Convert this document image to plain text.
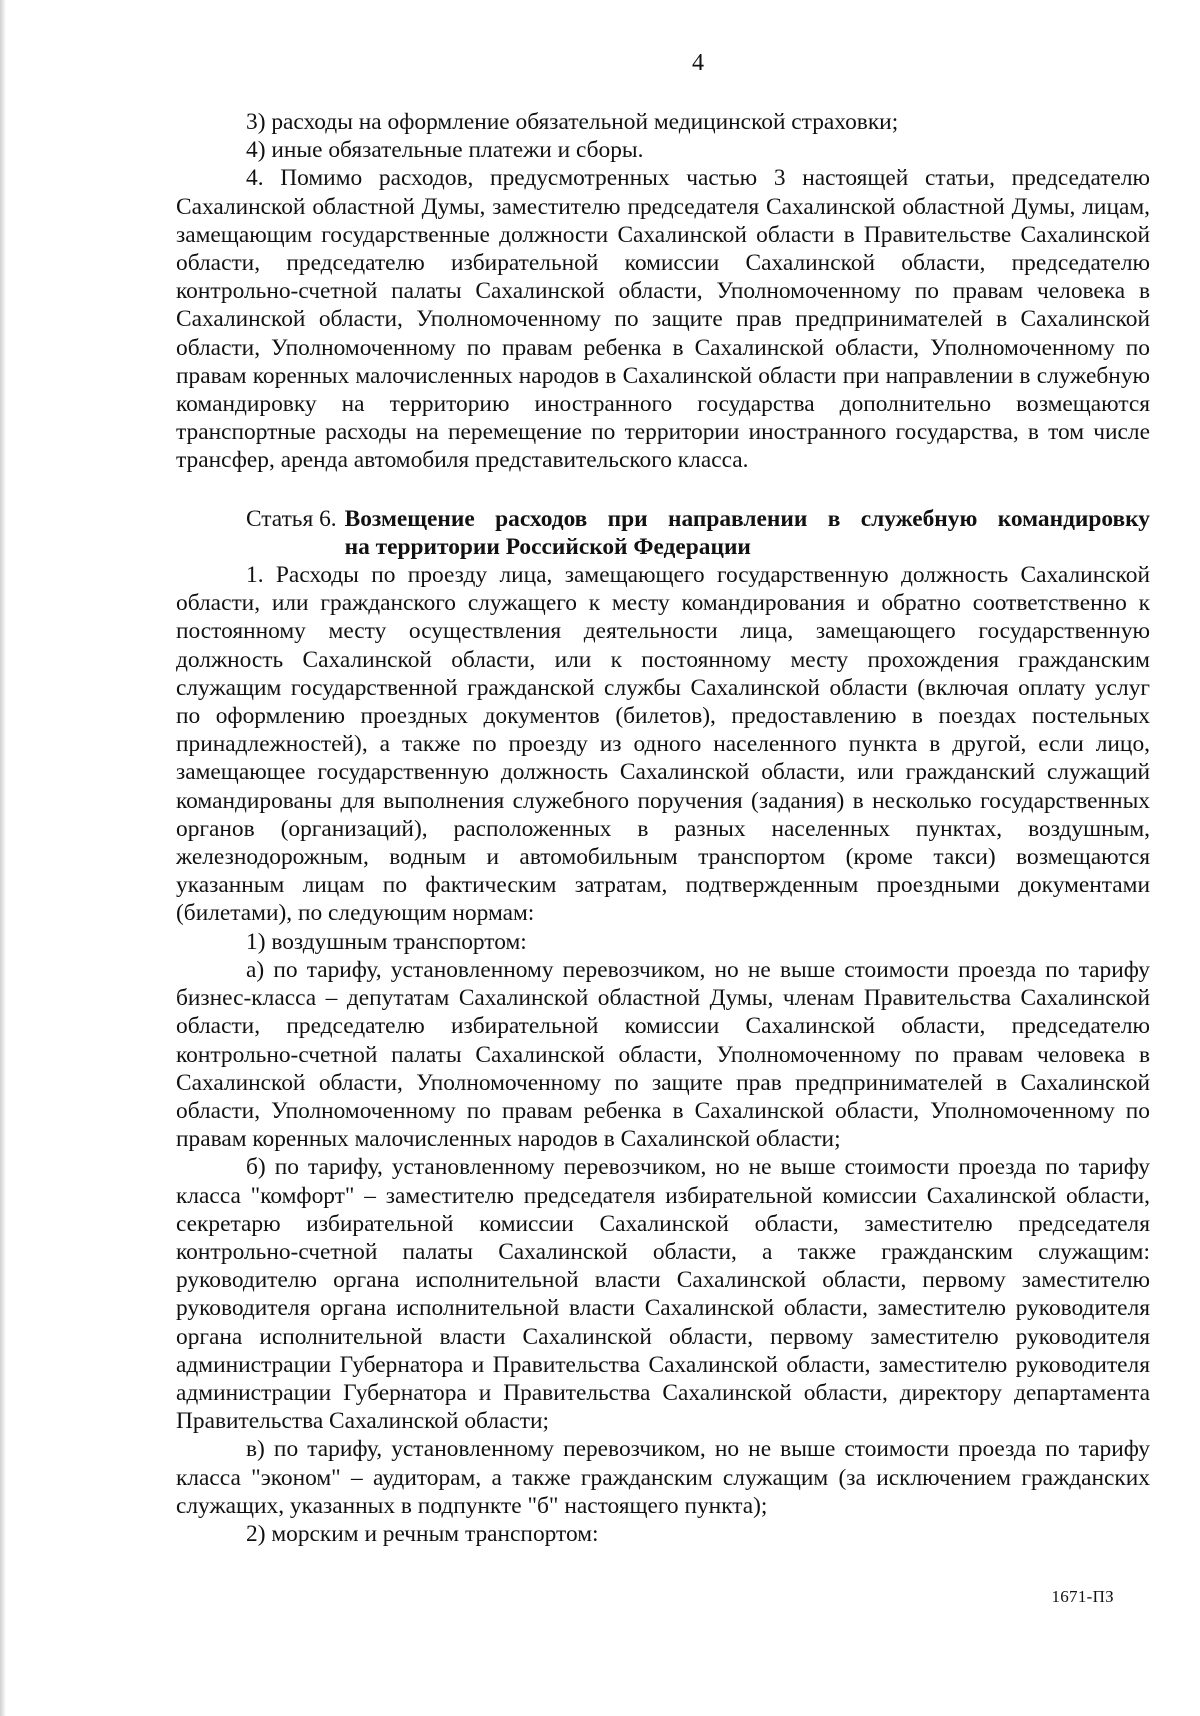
4

3) расходы на оформление обязательной медицинской страховки;

4) иные обязательные платежи и сборы.

4. Помимо расходов, предусмотренных частью 3 настоящей статьи, председателю Сахалинской областной Думы, заместителю председателя Сахалинской областной Думы, лицам, замещающим государственные должности Сахалинской области в Правительстве Сахалинской области, председателю избирательной комиссии Сахалинской области, председателю контрольно-счетной палаты Сахалинской области, Уполномоченному по правам человека в Сахалинской области, Уполномоченному по защите прав предпринимателей в Сахалинской области, Уполномоченному по правам ребенка в Сахалинской области, Уполномоченному по правам коренных малочисленных народов в Сахалинской области при направлении в служебную командировку на территорию иностранного государства дополнительно возмещаются транспортные расходы на перемещение по территории иностранного государства, в том числе трансфер, аренда автомобиля представительского класса.

Статья 6. Возмещение расходов при направлении в служебную командировку
на территории Российской Федерации

1. Расходы по проезду лица, замещающего государственную должность Сахалинской области, или гражданского служащего к месту командирования и обратно соответственно к постоянному месту осуществления деятельности лица, замещающего государственную должность Сахалинской области, или к постоянному месту прохождения гражданским служащим государственной гражданской службы Сахалинской области (включая оплату услуг по оформлению проездных документов (билетов), предоставлению в поездах постельных принадлежностей), а также по проезду из одного населенного пункта в другой, если лицо, замещающее государственную должность Сахалинской области, или гражданский служащий командированы для выполнения служебного поручения (задания) в несколько государственных органов (организаций), расположенных в разных населенных пунктах, воздушным, железнодорожным, водным и автомобильным транспортом (кроме такси) возмещаются указанным лицам по фактическим затратам, подтвержденным проездными документами (билетами), по следующим нормам:

1) воздушным транспортом:

а) по тарифу, установленному перевозчиком, но не выше стоимости проезда по тарифу бизнес-класса – депутатам Сахалинской областной Думы, членам Правительства Сахалинской области, председателю избирательной комиссии Сахалинской области, председателю контрольно-счетной палаты Сахалинской области, Уполномоченному по правам человека в Сахалинской области, Уполномоченному по защите прав предпринимателей в Сахалинской области, Уполномоченному по правам ребенка в Сахалинской области, Уполномоченному по правам коренных малочисленных народов в Сахалинской области;

б) по тарифу, установленному перевозчиком, но не выше стоимости проезда по тарифу класса "комфорт" – заместителю председателя избирательной комиссии Сахалинской области, секретарю избирательной комиссии Сахалинской области, заместителю председателя контрольно-счетной палаты Сахалинской области, а также гражданским служащим: руководителю органа исполнительной власти Сахалинской области, первому заместителю руководителя органа исполнительной власти Сахалинской области, заместителю руководителя органа исполнительной власти Сахалинской области, первому заместителю руководителя администрации Губернатора и Правительства Сахалинской области, заместителю руководителя администрации Губернатора и Правительства Сахалинской области, директору департамента Правительства Сахалинской области;

в) по тарифу, установленному перевозчиком, но не выше стоимости проезда по тарифу класса "эконом" – аудиторам, а также гражданским служащим (за исключением гражданских служащих, указанных в подпункте "б" настоящего пункта);

2) морским и речным транспортом:

1671-ПЗ
